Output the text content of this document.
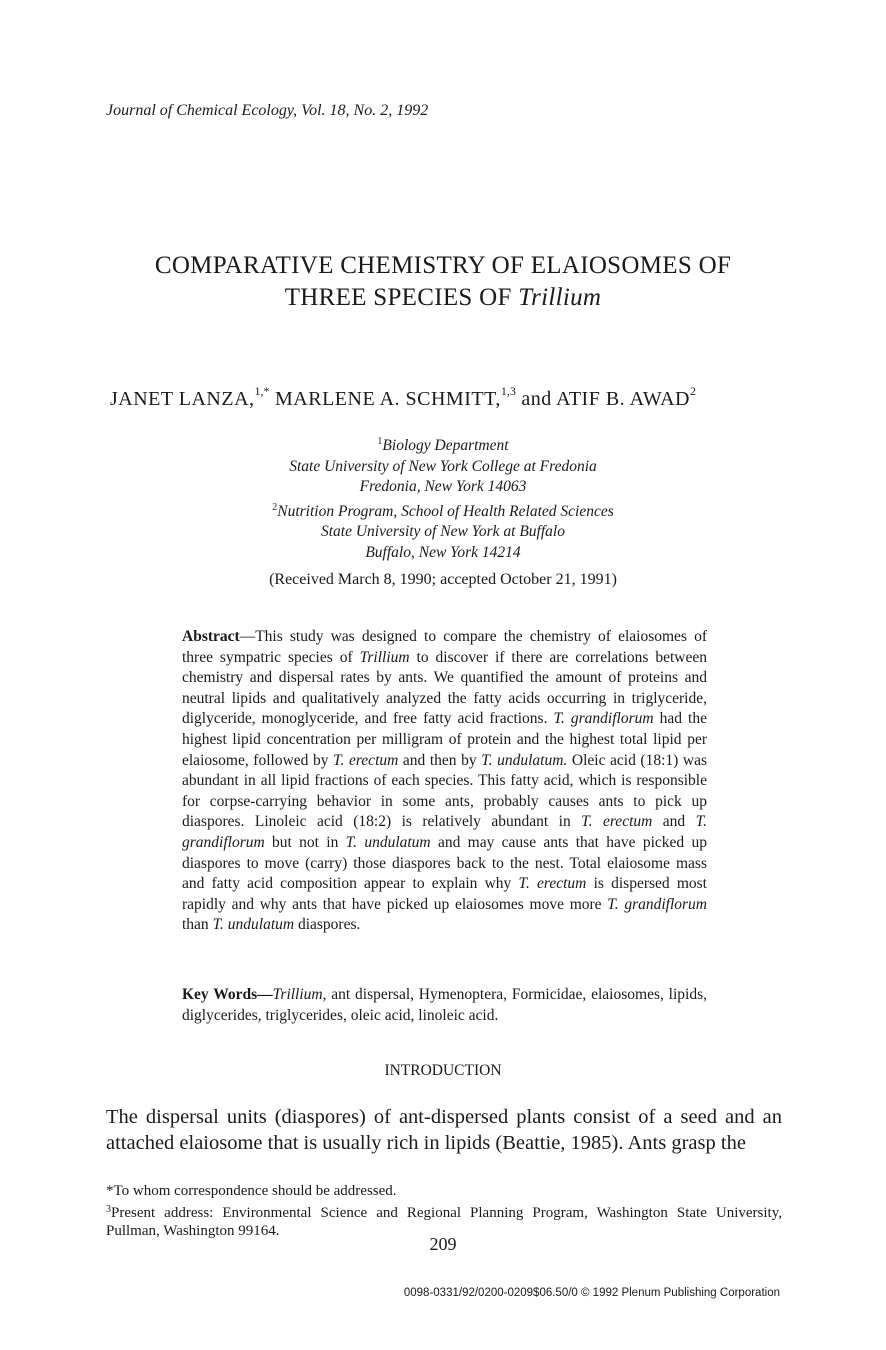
Journal of Chemical Ecology, Vol. 18, No. 2, 1992
COMPARATIVE CHEMISTRY OF ELAIOSOMES OF
THREE SPECIES OF Trillium
JANET LANZA,$^{1,*}$ MARLENE A. SCHMITT,$^{1,3}$ and ATIF B. AWAD$^2$
$^1$Biology Department
State University of New York College at Fredonia
Fredonia, New York 14063
$^2$Nutrition Program, School of Health Related Sciences
State University of New York at Buffalo
Buffalo, New York 14214
(Received March 8, 1990; accepted October 21, 1991)
Abstract—This study was designed to compare the chemistry of elaiosomes of three sympatric species of Trillium to discover if there are correlations between chemistry and dispersal rates by ants. We quantified the amount of proteins and neutral lipids and qualitatively analyzed the fatty acids occurring in triglyceride, diglyceride, monoglyceride, and free fatty acid fractions. T. grandiflorum had the highest lipid concentration per milligram of protein and the highest total lipid per elaiosome, followed by T. erectum and then by T. undulatum. Oleic acid (18:1) was abundant in all lipid fractions of each species. This fatty acid, which is responsible for corpse-carrying behavior in some ants, probably causes ants to pick up diaspores. Linoleic acid (18:2) is relatively abundant in T. erectum and T. grandiflorum but not in T. undulatum and may cause ants that have picked up diaspores to move (carry) those diaspores back to the nest. Total elaiosome mass and fatty acid composition appear to explain why T. erectum is dispersed most rapidly and why ants that have picked up elaiosomes move more T. grandiflorum than T. undulatum diaspores.
Key Words—Trillium, ant dispersal, Hymenoptera, Formicidae, elaiosomes, lipids, diglycerides, triglycerides, oleic acid, linoleic acid.
INTRODUCTION
The dispersal units (diaspores) of ant-dispersed plants consist of a seed and an attached elaiosome that is usually rich in lipids (Beattie, 1985). Ants grasp the
*To whom correspondence should be addressed.
$^3$Present address: Environmental Science and Regional Planning Program, Washington State University, Pullman, Washington 99164.
209
0098-0331/92/0200-0209$06.50/0 © 1992 Plenum Publishing Corporation
